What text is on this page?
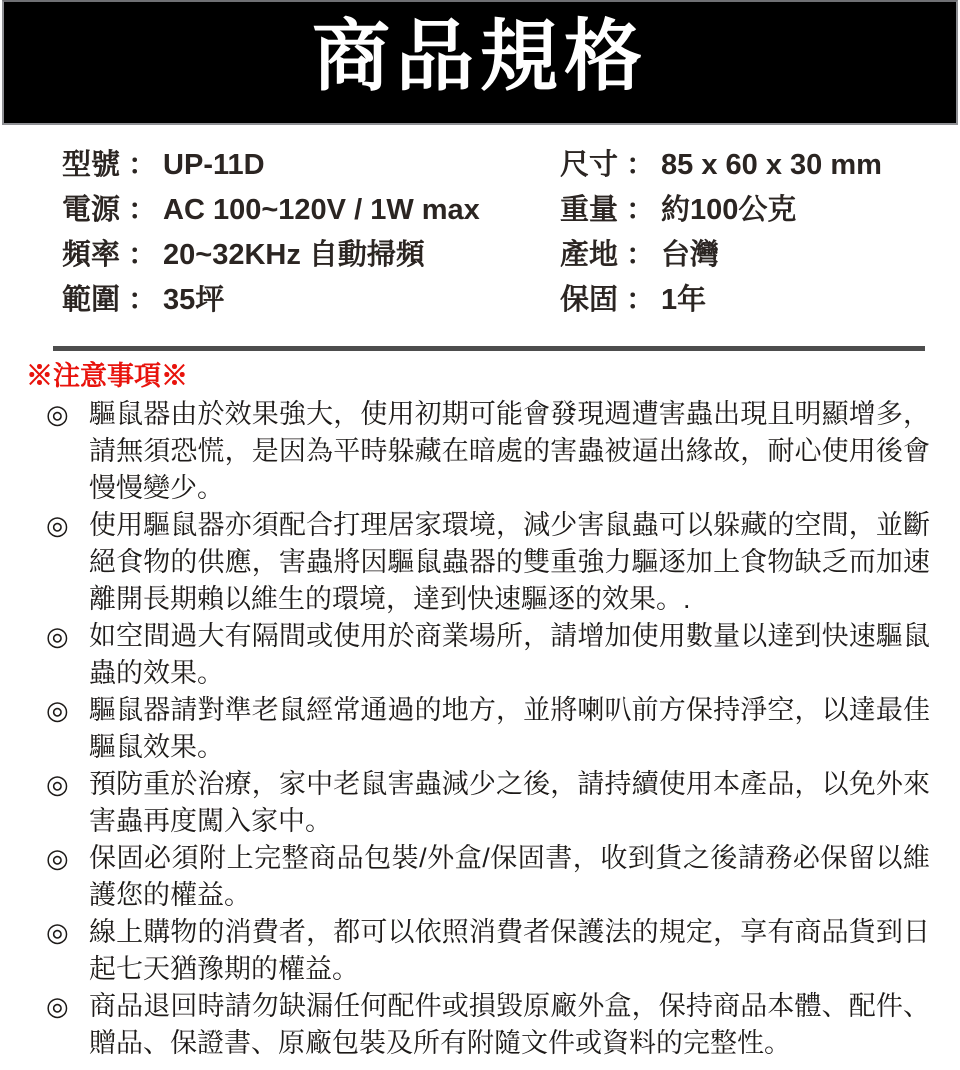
商品規格
型號 ： UP-11D
電源 ： AC 100~120V / 1W max
頻率 ： 20~32KHz 自動掃頻
範圍 ： 35坪
尺寸 ： 85 x 60 x 30 mm
重量 ： 約100公克
產地 ： 台灣
保固 ： 1年
※注意事項※
◎ 驅鼠器由於效果強大，使用初期可能會發現週遭害蟲出現且明顯增多，請無須恐慌，是因為平時躲藏在暗處的害蟲被逼出緣故，耐心使用後會慢慢變少。
◎ 使用驅鼠器亦須配合打理居家環境，減少害鼠蟲可以躲藏的空間，並斷絕食物的供應，害蟲將因驅鼠蟲器的雙重強力驅逐加上食物缺乏而加速離開長期賴以維生的環境，達到快速驅逐的效果。.
◎ 如空間過大有隔間或使用於商業場所，請增加使用數量以達到快速驅鼠蟲的效果。
◎ 驅鼠器請對準老鼠經常通過的地方，並將喇叭前方保持淨空，以達最佳驅鼠效果。
◎ 預防重於治療，家中老鼠害蟲減少之後，請持續使用本產品，以免外來害蟲再度闖入家中。
◎ 保固必須附上完整商品包裝/外盒/保固書，收到貨之後請務必保留以維護您的權益。
◎ 線上購物的消費者，都可以依照消費者保護法的規定，享有商品貨到日起七天猶豫期的權益。
◎ 商品退回時請勿缺漏任何配件或損毀原廠外盒，保持商品本體、配件、贈品、保證書、原廠包裝及所有附隨文件或資料的完整性。
